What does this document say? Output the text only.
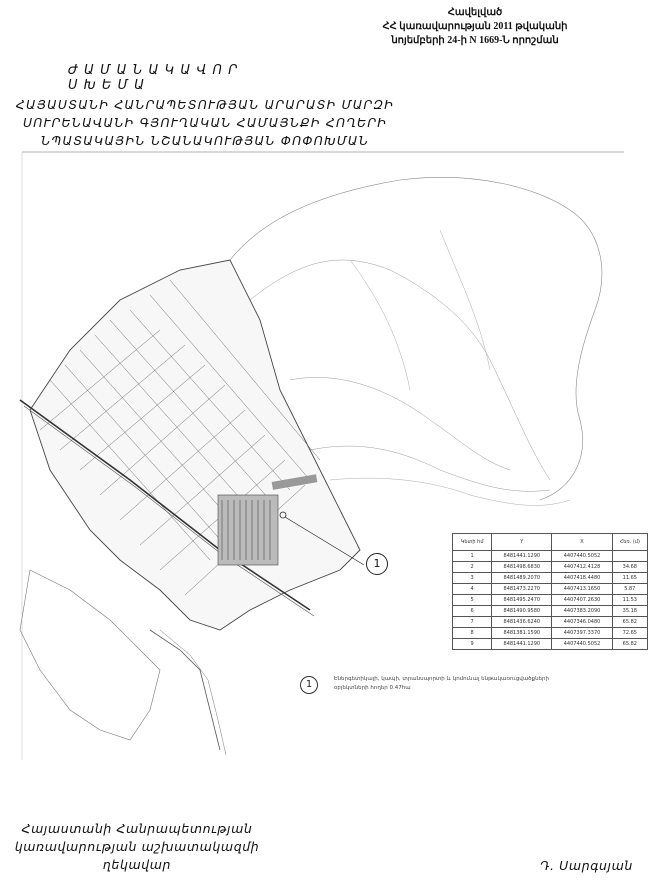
Հավելված
ՀՀ կառավարության 2011 թվականի
նոյեմբերի 24-ի N 1669-Ն որոշման
ԺԱՄԱՆԱԿԱՎՈՐ ՍԽԵՄԱ
ՀԱՅԱՍՏԱՆԻ ՀԱՆՐԱՊԵՏՈՒԹՅԱՆ ԱՐԱՐԱՏԻ ՄԱՐԶԻ
ՍՈՒՐԵՆԱՎԱՆԻ ԳՅՈՒՂԱԿԱՆ ՀԱՄԱՅՆՔԻ ՀՈՂԵՐԻ
ՆՊԱՏԱԿԱՅԻՆ ՆՇԱՆԱԿՈՒԹՅԱՆ ՓՈՓՈԽՄԱՆ
1
Կետի հմ	Y	X	Հեռ. (մ)
1	8481441.1290	4407440.5052	
2	8481498.6830	4407412.4128	34.68
3	8481489.2070	4407418.4480	11.65
4	8481473.2270	4407413.1650	5.87
5	8481495.2470	4407407.2630	11.53
6	8481490.9580	4407383.2090	35.18
7	8481436.6240	4407346.0480	65.82
8	8481381.1590	4407397.3370	72.65
9	8481441.1290	4407440.5052	65.82
1	Էներգետիկայի, կապի, տրանսպորտի և կոմունալ ենթակառուցվածքների օբյեկտների հողեր 0.47հա
Հայաստանի Հանրապետության
կառավարության աշխատակազմի
ղեկավար	Դ. Սարգսյան
